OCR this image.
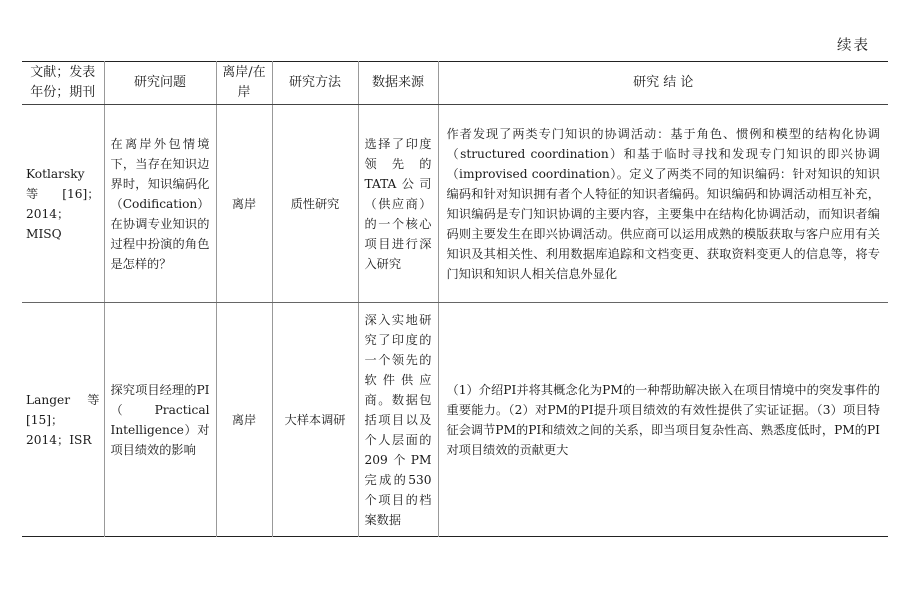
续表
文献；发表年份；期刊	研究问题	离岸/在岸	研究方法	数据来源	研究 结 论
Kotlarsky 等 [16]；2014；MISQ	在离岸外包情境下，当存在知识边界时，知识编码化（Codification）在协调专业知识的过程中扮演的角色是怎样的？	离岸	质性研究	选择了印度领先的TATA公司（供应商）的一个核心项目进行深入研究	作者发现了两类专门知识的协调活动：基于角色、惯例和模型的结构化协调（structured coordination）和基于临时寻找和发现专门知识的即兴协调（improvised coordination）。定义了两类不同的知识编码：针对知识的知识编码和针对知识拥有者个人特征的知识者编码。知识编码和协调活动相互补充，知识编码是专门知识协调的主要内容，主要集中在结构化协调活动，而知识者编码则主要发生在即兴协调活动。供应商可以运用成熟的模版获取与客户应用有关知识及其相关性、利用数据库追踪和文档变更、获取资料变更人的信息等，将专门知识和知识人相关信息外显化
Langer 等[15]；2014；ISR	探究项目经理的PI（Practical Intelligence）对项目绩效的影响	离岸	大样本调研	深入实地研究了印度的一个领先的软件供应商。数据包括项目以及个人层面的209个PM完成的530个项目的档案数据	（1）介绍PI并将其概念化为PM的一种帮助解决嵌入在项目情境中的突发事件的重要能力。（2）对PM的PI提升项目绩效的有效性提供了实证证据。（3）项目特征会调节PM的PI和绩效之间的关系，即当项目复杂性高、熟悉度低时，PM的PI对项目绩效的贡献更大
